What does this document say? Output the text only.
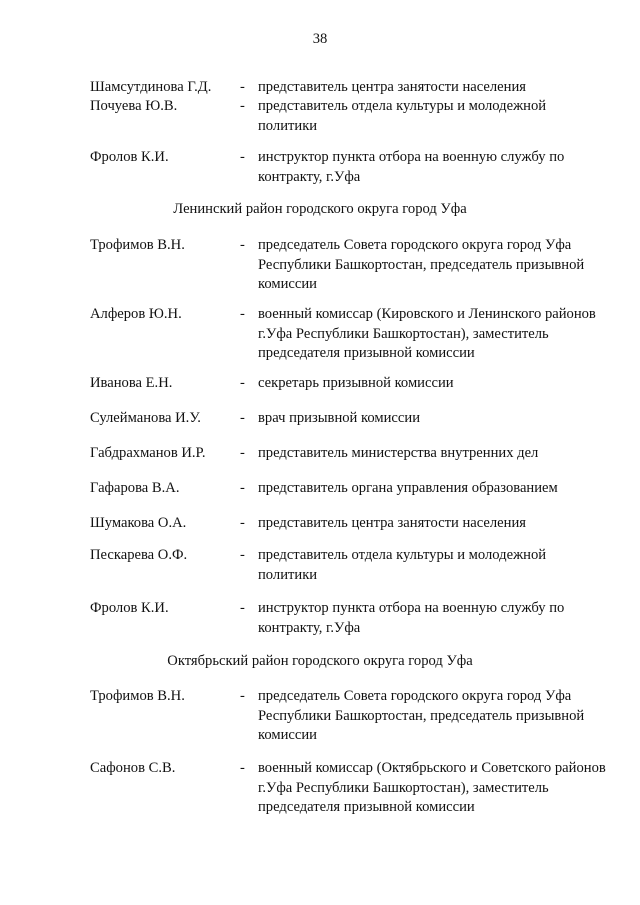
38
Шамсутдинова Г.Д.	- представитель центра занятости населения
Почуева Ю.В.	- представитель отдела культуры и молодежной политики
Фролов К.И.	- инструктор пункта отбора на военную службу по контракту, г.Уфа
Ленинский район городского округа город Уфа
Трофимов В.Н.	- председатель Совета городского округа город Уфа Республики Башкортостан, председатель призывной комиссии
Алферов Ю.Н.	- военный комиссар (Кировского и Ленинского районов г.Уфа Республики Башкортостан), заместитель председателя призывной комиссии
Иванова Е.Н.	- секретарь призывной комиссии
Сулейманова И.У.	- врач призывной комиссии
Габдрахманов И.Р.	- представитель министерства внутренних дел
Гафарова В.А.	- представитель органа управления образованием
Шумакова О.А.	- представитель центра занятости населения
Пескарева О.Ф.	- представитель отдела культуры и молодежной политики
Фролов К.И.	- инструктор пункта отбора на военную службу по контракту, г.Уфа
Октябрьский район городского округа город Уфа
Трофимов В.Н.	- председатель Совета городского округа город Уфа Республики Башкортостан, председатель призывной комиссии
Сафонов С.В.	- военный комиссар (Октябрьского и Советского районов г.Уфа Республики Башкортостан), заместитель председателя призывной комиссии
